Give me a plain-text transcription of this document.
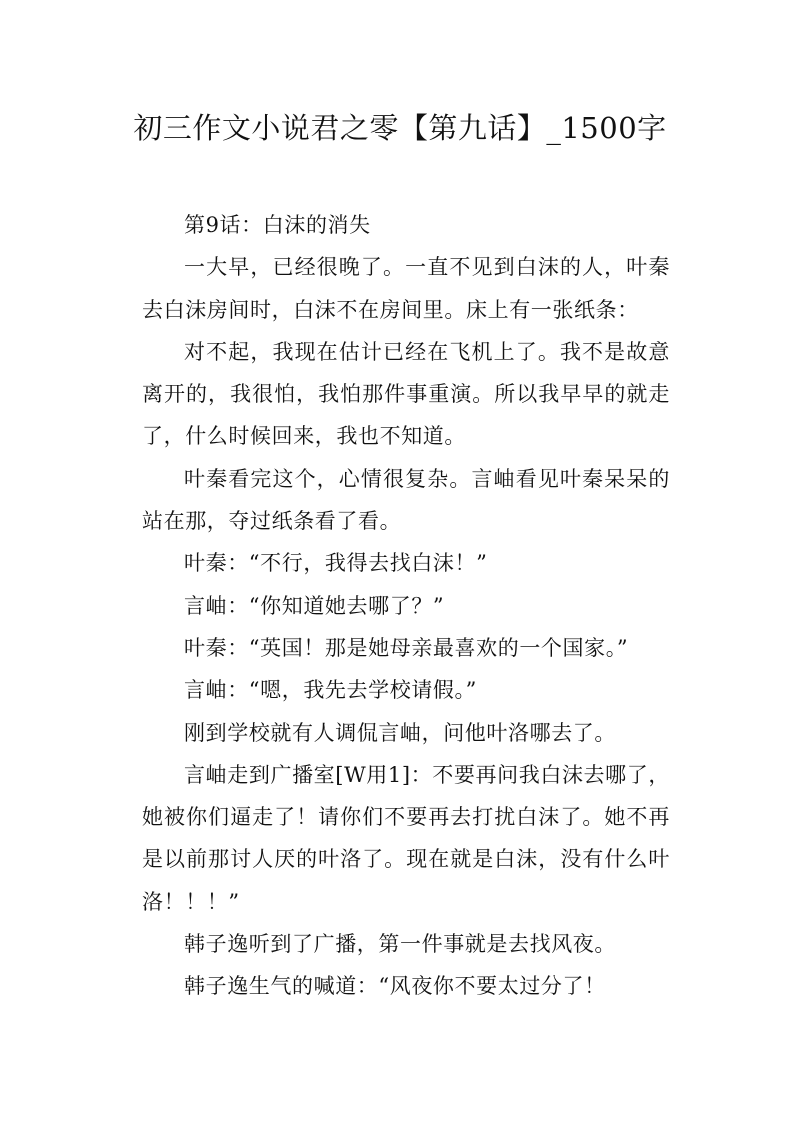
初三作文小说君之零【第九话】_1500字

第9话：白沫的消失

一大早，已经很晚了。一直不见到白沫的人，叶秦去白沫房间时，白沫不在房间里。床上有一张纸条：

对不起，我现在估计已经在飞机上了。我不是故意离开的，我很怕，我怕那件事重演。所以我早早的就走了，什么时候回来，我也不知道。

叶秦看完这个，心情很复杂。言岫看见叶秦呆呆的站在那，夺过纸条看了看。

叶秦：“不行，我得去找白沫！”

言岫：“你知道她去哪了？”

叶秦：“英国！那是她母亲最喜欢的一个国家。”

言岫：“嗯，我先去学校请假。”

刚到学校就有人调侃言岫，问他叶洛哪去了。

言岫走到广播室[W用1]：不要再问我白沫去哪了，她被你们逼走了！请你们不要再去打扰白沫了。她不再是以前那讨人厌的叶洛了。现在就是白沫，没有什么叶洛！！！”

韩子逸听到了广播，第一件事就是去找风夜。

韩子逸生气的喊道：“风夜你不要太过分了！
